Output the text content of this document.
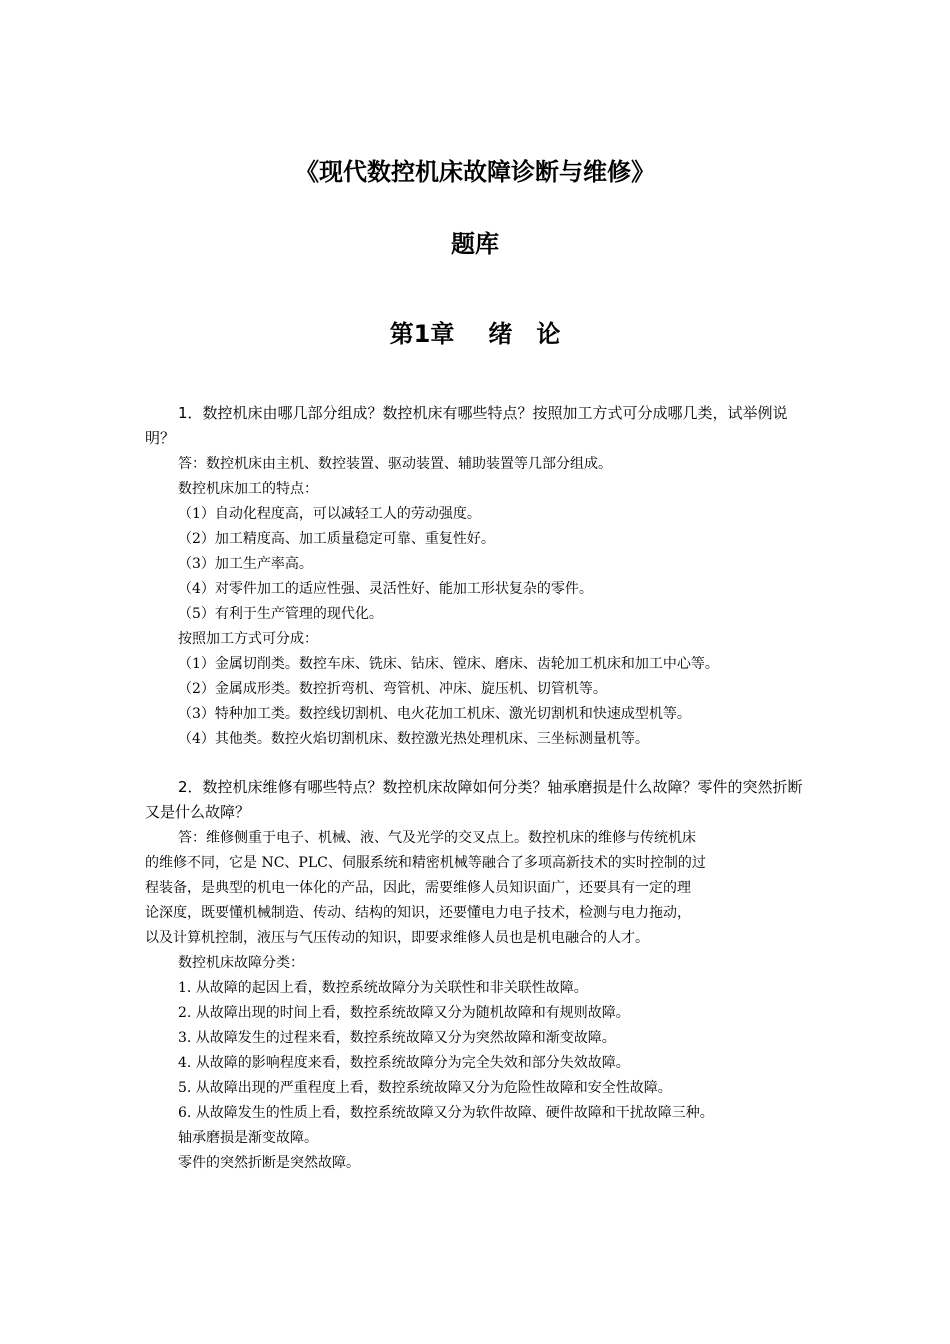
《现代数控机床故障诊断与维修》
题库
第1章 绪　论
1．数控机床由哪几部分组成？数控机床有哪些特点？按照加工方式可分成哪几类，试举例说明？
答：数控机床由主机、数控装置、驱动装置、辅助装置等几部分组成。
数控机床加工的特点：
（1）自动化程度高，可以减轻工人的劳动强度。
（2）加工精度高、加工质量稳定可靠、重复性好。
（3）加工生产率高。
（4）对零件加工的适应性强、灵活性好、能加工形状复杂的零件。
（5）有利于生产管理的现代化。
按照加工方式可分成：
（1）金属切削类。数控车床、铣床、钻床、镗床、磨床、齿轮加工机床和加工中心等。
（2）金属成形类。数控折弯机、弯管机、冲床、旋压机、切管机等。
（3）特种加工类。数控线切割机、电火花加工机床、激光切割机和快速成型机等。
（4）其他类。数控火焰切割机床、数控激光热处理机床、三坐标测量机等。
2．数控机床维修有哪些特点？数控机床故障如何分类？轴承磨损是什么故障？零件的突然折断又是什么故障？
答：维修侧重于电子、机械、液、气及光学的交叉点上。数控机床的维修与传统机床
的维修不同，它是 NC、PLC、伺服系统和精密机械等融合了多项高新技术的实时控制的过
程装备，是典型的机电一体化的产品，因此，需要维修人员知识面广，还要具有一定的理
论深度，既要懂机械制造、传动、结构的知识，还要懂电力电子技术，检测与电力拖动，
以及计算机控制，液压与气压传动的知识，即要求维修人员也是机电融合的人才。
数控机床故障分类：
1. 从故障的起因上看，数控系统故障分为关联性和非关联性故障。
2. 从故障出现的时间上看，数控系统故障又分为随机故障和有规则故障。
3. 从故障发生的过程来看，数控系统故障又分为突然故障和渐变故障。
4. 从故障的影响程度来看，数控系统故障分为完全失效和部分失效故障。
5. 从故障出现的严重程度上看，数控系统故障又分为危险性故障和安全性故障。
6. 从故障发生的性质上看，数控系统故障又分为软件故障、硬件故障和干扰故障三种。
轴承磨损是渐变故障。
零件的突然折断是突然故障。
